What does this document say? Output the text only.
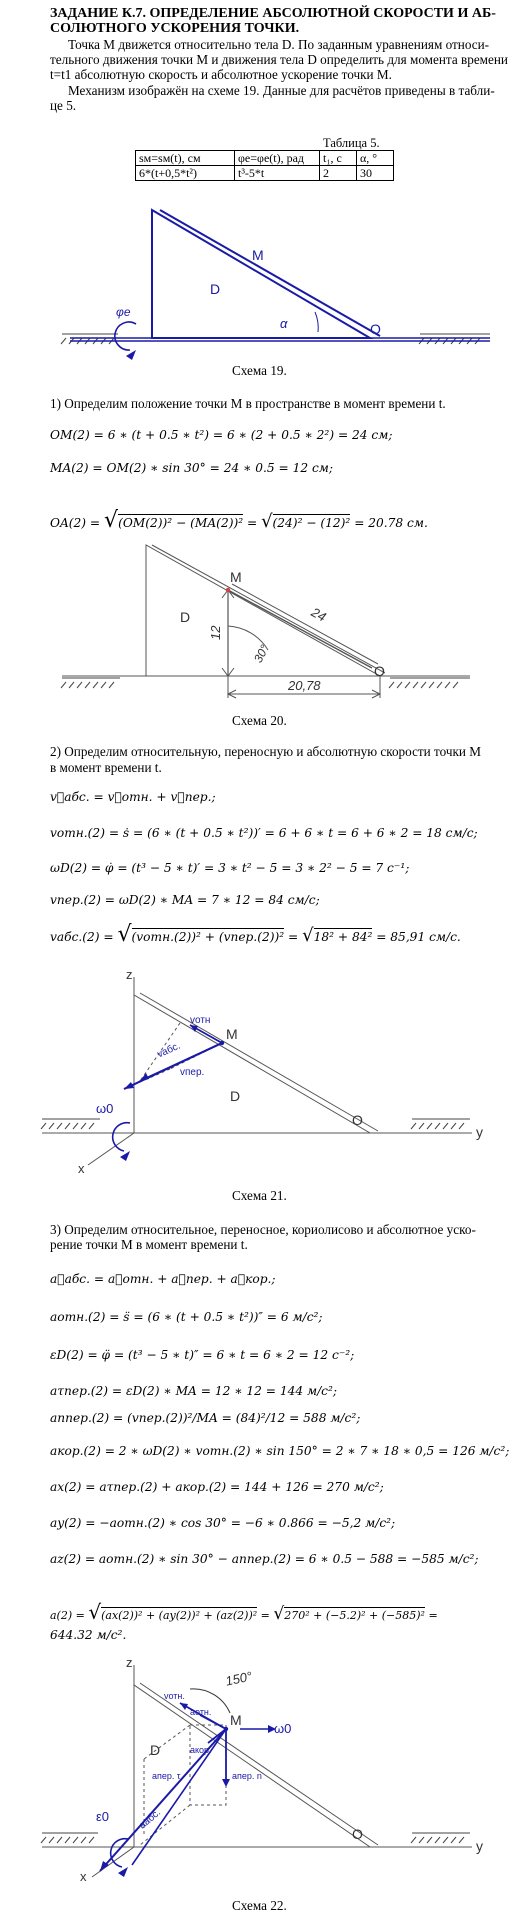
ЗАДАНИЕ К.7. ОПРЕДЕЛЕНИЕ АБСОЛЮТНОЙ СКОРОСТИ И АБ-
СОЛЮТНОГО УСКОРЕНИЯ ТОЧКИ.
Точка М движется относительно тела D. По заданным уравнениям относи-
тельного движения точки М и движения тела D определить для момента времени
t=t1 абсолютную скорость и абсолютное ускорение точки М.
Механизм изображён на схеме 19. Данные для расчётов приведены в табли-
це 5.
Таблица 5.
sм=sм(t), см	φe=φe(t), рад	t₁, с	α, °
6*(t+0,5*t²)	t³-5*t	2	30
M
D
O
α
φe
Схема 19.
1) Определим положение точки М в пространстве в момент времени t.
OM(2) = 6 ∗ (t + 0.5 ∗ t²) = 6 ∗ (2 + 0.5 ∗ 2²) = 24 см;
MA(2) = OM(2) ∗ sin 30° = 24 ∗ 0.5 = 12 см;
OA(2) = √(OM(2))² − (MA(2))² = √(24)² − (12)² = 20.78 см.
M
D
O
12
24
30°
20,78
Схема 20.
2) Определим относительную, переносную и абсолютную скорости точки М
в момент времени t.
v⃗абс. = v⃗отн. + v⃗пер.;
vотн.(2) = ṡ = (6 ∗ (t + 0.5 ∗ t²))′ = 6 + 6 ∗ t = 6 + 6 ∗ 2 = 18 см/с;
ωD(2) = φ̇ = (t³ − 5 ∗ t)′ = 3 ∗ t² − 5 = 3 ∗ 2² − 5 = 7 с⁻¹;
vпер.(2) = ωD(2) ∗ MA = 7 ∗ 12 = 84 см/с;
vабс.(2) = √(vотн.(2))² + (vпер.(2))² = √18² + 84² = 85,91 см/с.
z
y
x
M
D
O
ω0
vотн
vабс.
vпер.
Схема 21.
3) Определим относительное, переносное, кориолисово и абсолютное уско-
рение точки М в момент времени t.
a⃗абс. = a⃗отн. + a⃗пер. + a⃗кор.;
aотн.(2) = s̈ = (6 ∗ (t + 0.5 ∗ t²))″ = 6 м/с²;
εD(2) = φ̈ = (t³ − 5 ∗ t)″ = 6 ∗ t = 6 ∗ 2 = 12 с⁻²;
aτпер.(2) = εD(2) ∗ MA = 12 ∗ 12 = 144 м/с²;
anпер.(2) = (vпер.(2))²/MA = (84)²/12 = 588 м/с²;
aкор.(2) = 2 ∗ ωD(2) ∗ vотн.(2) ∗ sin 150° = 2 ∗ 7 ∗ 18 ∗ 0,5 = 126 м/с²;
ax(2) = aτпер.(2) + aкор.(2) = 144 + 126 = 270 м/с²;
ay(2) = −aотн.(2) ∗ cos 30° = −6 ∗ 0.866 = −5,2 м/с²;
az(2) = aотн.(2) ∗ sin 30° − anпер.(2) = 6 ∗ 0.5 − 588 = −585 м/с²;
a(2) = √(ax(2))² + (ay(2))² + (az(2))² = √270² + (−5.2)² + (−585)² =
644.32 м/с².
z
y
x
M
D
O
ω0
ε0
150°
vотн.
aотн.
aкор.
aпер. τ	aпер. n
aабс.
Схема 22.
